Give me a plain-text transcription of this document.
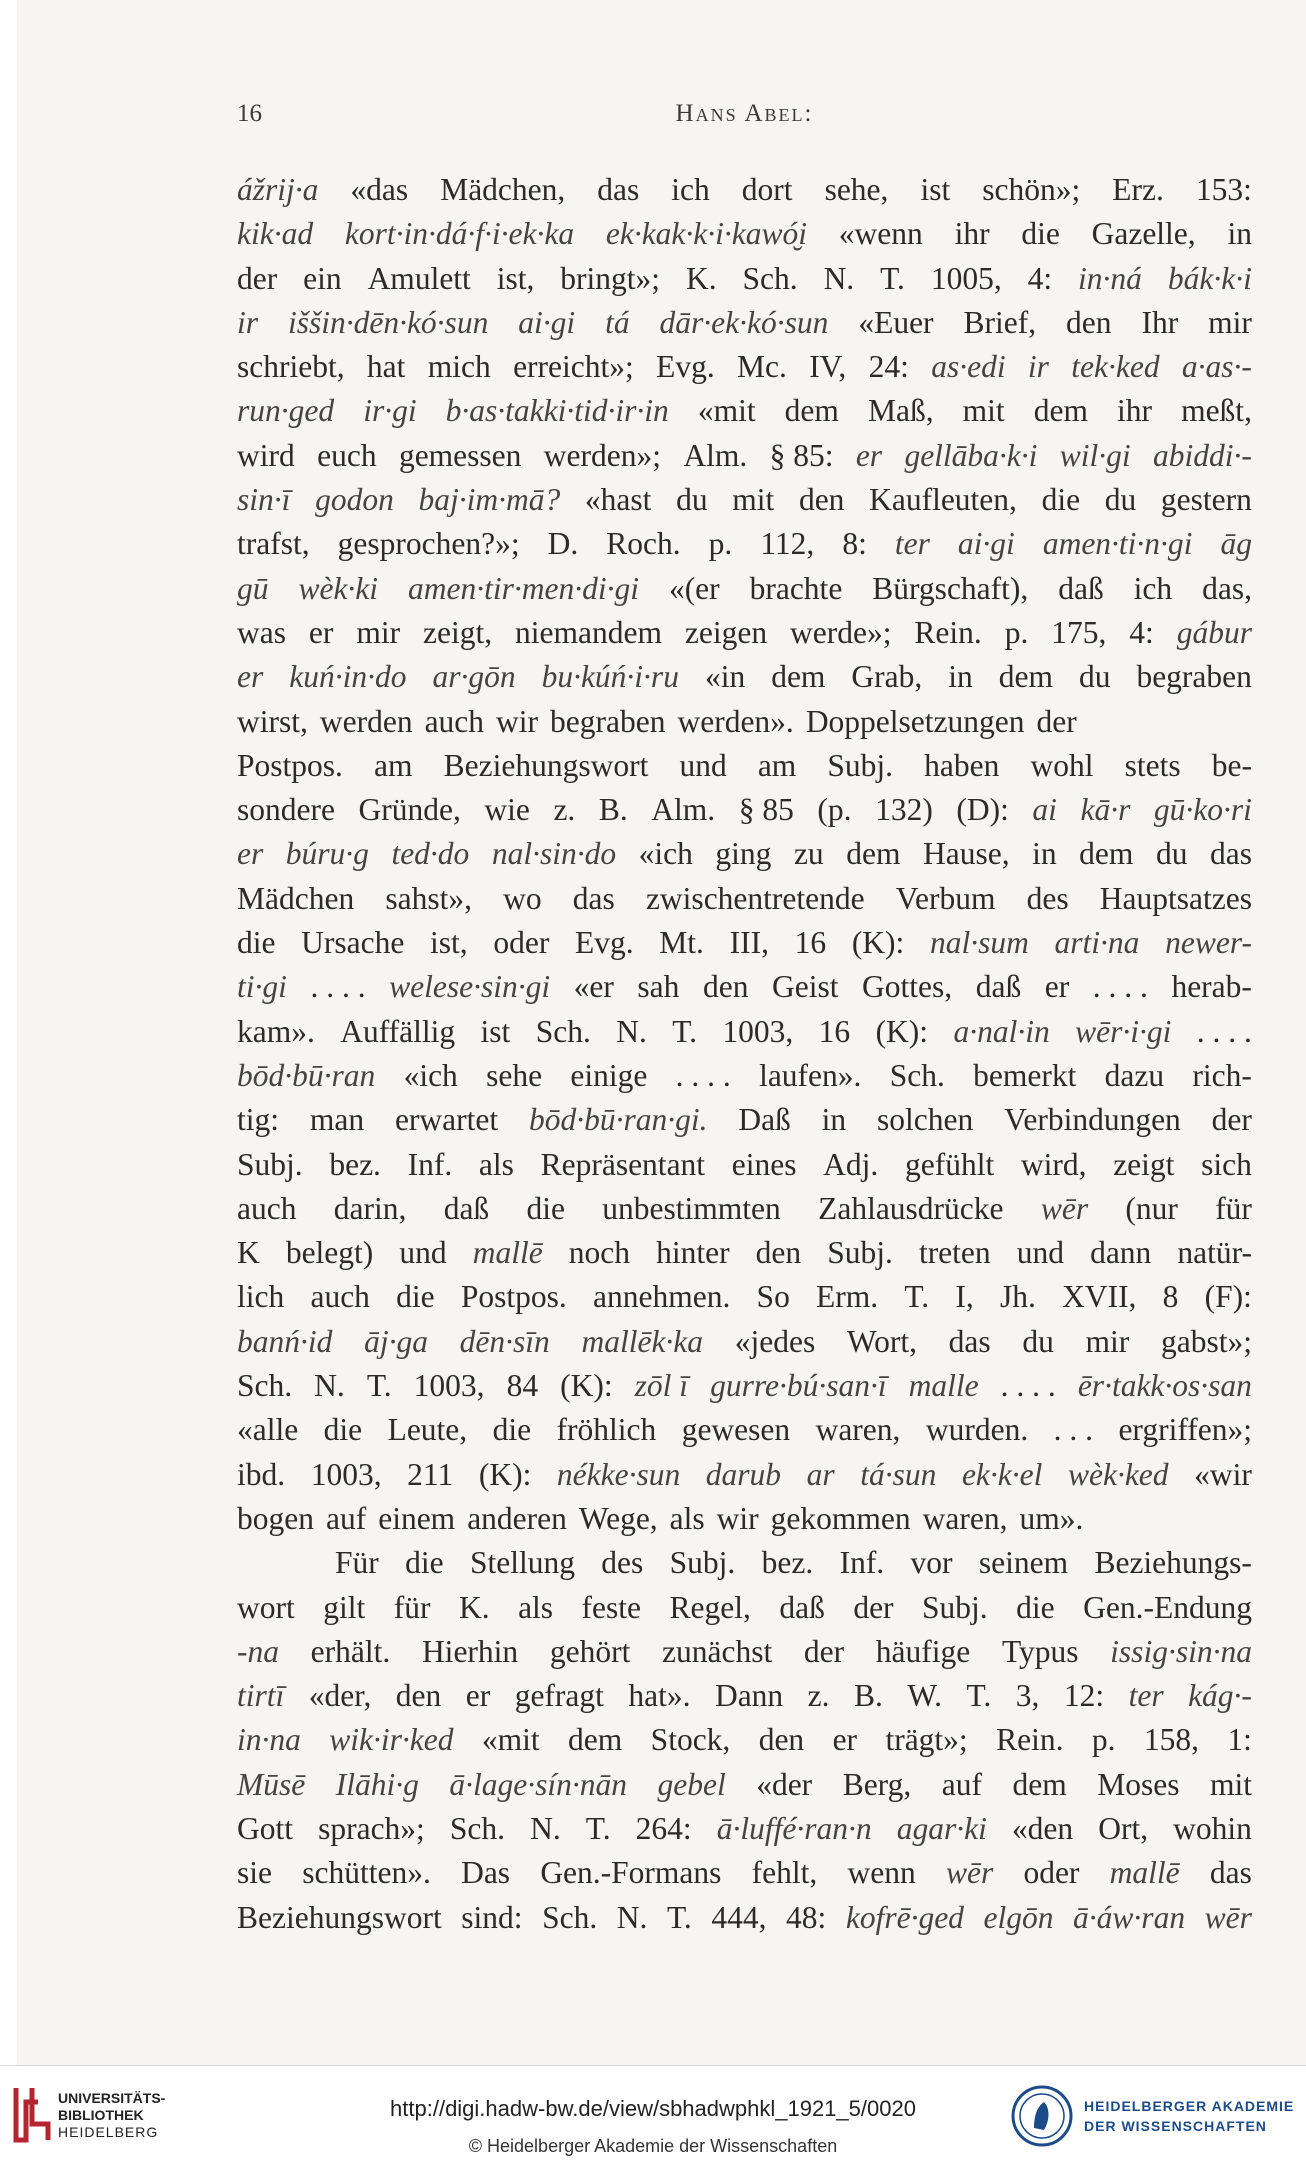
16	Hans Abel:
ážrij·a «das Mädchen, das ich dort sehe, ist schön»; Erz. 153:
kik·ad kort·in·dá·f·i·ek·ka ek·kak·k·i·kawó̮i «wenn ihr die Gazelle, in
der ein Amulett ist, bringt»; K. Sch. N. T. 1005, 4: in·ná bák·k·i
ir iššin·dēn·kó·sun ai·gi tá dār·ek·kó·sun «Euer Brief, den Ihr mir
schriebt, hat mich erreicht»; Evg. Mc. IV, 24: as·edi ir tek·ked a·as·-
run·ged ir·gi b·as·takki·tid·ir·in «mit dem Maß, mit dem ihr meßt,
wird euch gemessen werden»; Alm. § 85: er gellāba·k·i wil·gi abiddi·-
sin·ī godon baj·im·mā? «hast du mit den Kaufleuten, die du gestern
trafst, gesprochen?»; D. Roch. p. 112, 8: ter ai·gi amen·ti·n·gi āg
gū wèk·ki amen·tir·men·di·gi «(er brachte Bürgschaft), daß ich das,
was er mir zeigt, niemandem zeigen werde»; Rein. p. 175, 4: gábur
er kuń·in·do ar·gōn bu·kúń·i·ru «in dem Grab, in dem du begraben
wirst, werden auch wir begraben werden». Doppelsetzungen der
Postpos. am Beziehungswort und am Subj. haben wohl stets be-
sondere Gründe, wie z. B. Alm. § 85 (p. 132) (D): ai kā·r gū·ko·ri
er búru·g ted·do nal·sin·do «ich ging zu dem Hause, in dem du das
Mädchen sahst», wo das zwischentretende Verbum des Hauptsatzes
die Ursache ist, oder Evg. Mt. III, 16 (K): nal·sum arti·na newer-
ti·gi . . . . welese·sin·gi «er sah den Geist Gottes, daß er . . . . herab-
kam». Auffällig ist Sch. N. T. 1003, 16 (K): a·nal·in wēr·i·gi . . . .
bōd·bū·ran «ich sehe einige . . . . laufen». Sch. bemerkt dazu rich-
tig: man erwartet bōd·bū·ran·gi. Daß in solchen Verbindungen der
Subj. bez. Inf. als Repräsentant eines Adj. gefühlt wird, zeigt sich
auch darin, daß die unbestimmten Zahlausdrücke wēr (nur für
K belegt) und mallē noch hinter den Subj. treten und dann natür-
lich auch die Postpos. annehmen. So Erm. T. I, Jh. XVII, 8 (F):
banń·id āj·ga dēn·sīn mallēk·ka «jedes Wort, das du mir gabst»;
Sch. N. T. 1003, 84 (K): zōl ī gurre·bú·san·ī malle . . . . ēr·takk·os·san
«alle die Leute, die fröhlich gewesen waren, wurden. . . . ergriffen»;
ibd. 1003, 211 (K): nékke·sun darub ar tá·sun ek·k·el wèk·ked «wir
bogen auf einem anderen Wege, als wir gekommen waren, um».
Für die Stellung des Subj. bez. Inf. vor seinem Beziehungs-
wort gilt für K. als feste Regel, daß der Subj. die Gen.-Endung
-na erhält. Hierhin gehört zunächst der häufige Typus issig·sin·na
tirtī «der, den er gefragt hat». Dann z. B. W. T. 3, 12: ter kág·-
in·na wik·ir·ked «mit dem Stock, den er trägt»; Rein. p. 158, 1:
Mūsē Ilāhi·g ā·lage·sín·nān gebel «der Berg, auf dem Moses mit
Gott sprach»; Sch. N. T. 264: ā·luffé·ran·n agar·ki «den Ort, wohin
sie schütten». Das Gen.-Formans fehlt, wenn wēr oder mallē das
Beziehungswort sind: Sch. N. T. 444, 48: kofrē·ged elgōn ā·áw·ran wēr
UNIVERSITÄTS-
BIBLIOTHEK
HEIDELBERG
http://digi.hadw-bw.de/view/sbhadwphkl_1921_5/0020
© Heidelberger Akademie der Wissenschaften
HEIDELBERGER AKADEMIE
DER WISSENSCHAFTEN
